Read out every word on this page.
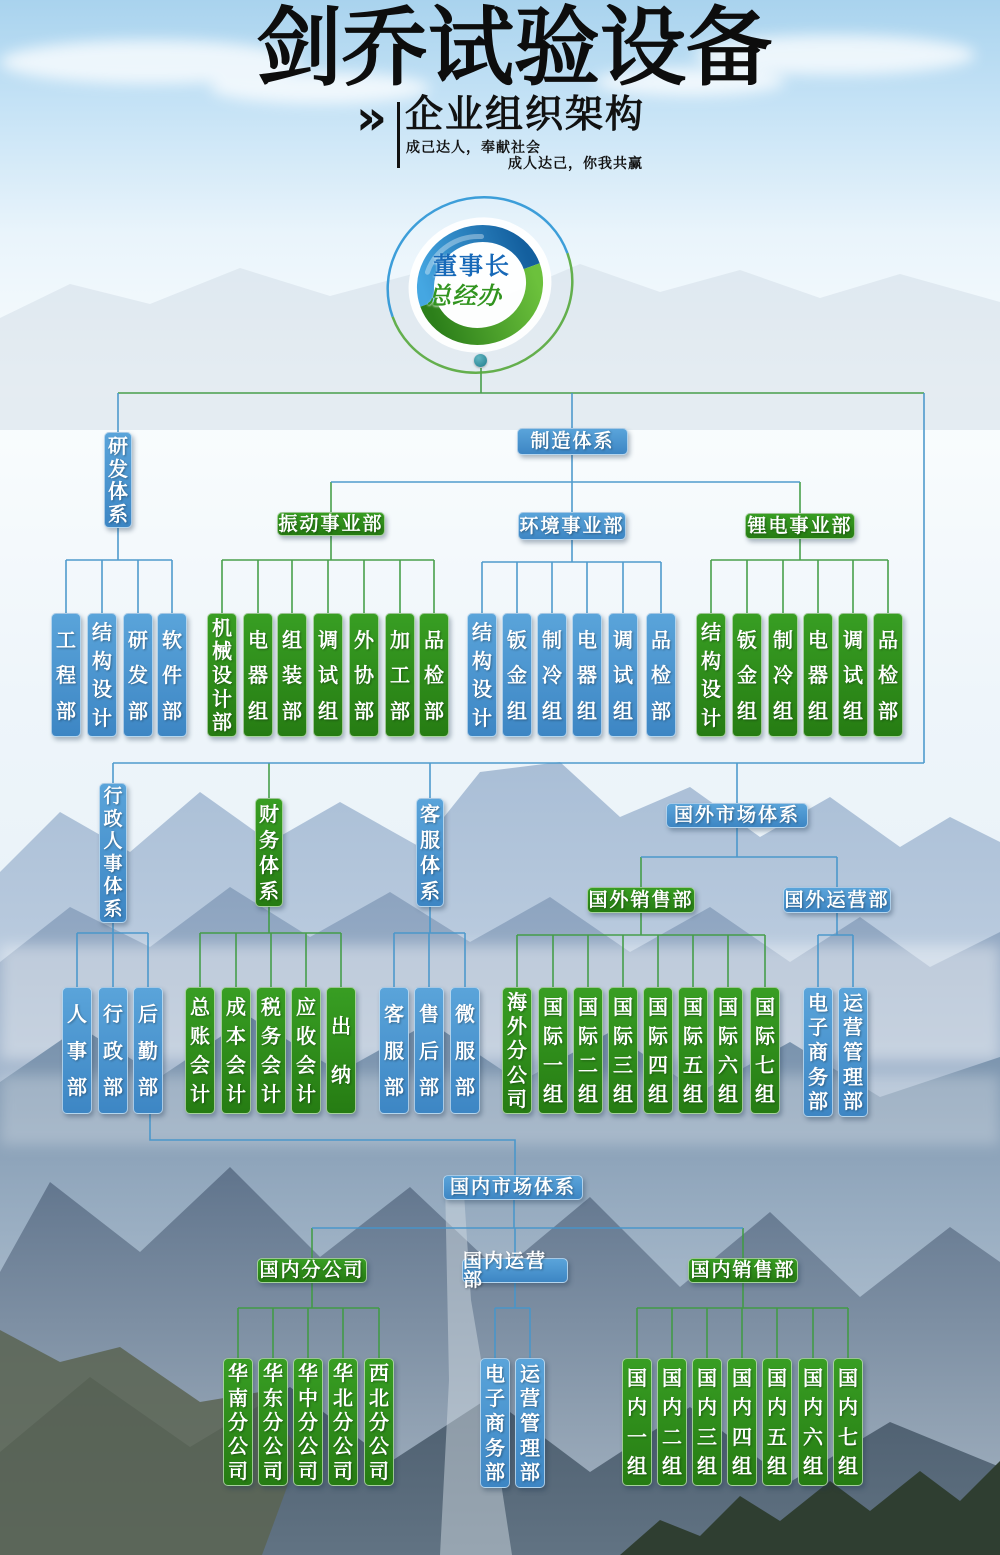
剑乔试验设备
» 企业组织架构
成己达人，奉献社会
成人达己，你我共赢
董事长
总经办
研
发
体
系
制造体系
振动事业部	环境事业部	锂电事业部
工
程
部
结
构
设
计
研
发
部
软
件
部
机
械
设
计
部
电
器
组
组
装
部
调
试
组
外
协
部
加
工
部
品
检
部
结
构
设
计
钣
金
组
制
冷
组
电
器
组
调
试
组
品
检
部
结
构
设
计
钣
金
组
制
冷
组
电
器
组
调
试
组
品
检
部
行
政
人
事
体
系
财
务
体
系
客
服
体
系
国外市场体系
国外销售部	国外运营部
人
事
部
行
政
部
后
勤
部
总
账
会
计
成
本
会
计
税
务
会
计
应
收
会
计
出
纳
客
服
部
售
后
部
微
服
部
海
外
分
公
司
国
际
一
组
国
际
二
组
国
际
三
组
国
际
四
组
国
际
五
组
国
际
六
组
国
际
七
组
电
子
商
务
部
运
营
管
理
部
国内市场体系
国内分公司	国内运营部	国内销售部
华
南
分
公
司
华
东
分
公
司
华
中
分
公
司
华
北
分
公
司
西
北
分
公
司
电
子
商
务
部
运
营
管
理
部
国
内
一
组
国
内
二
组
国
内
三
组
国
内
四
组
国
内
五
组
国
内
六
组
国
内
七
组
